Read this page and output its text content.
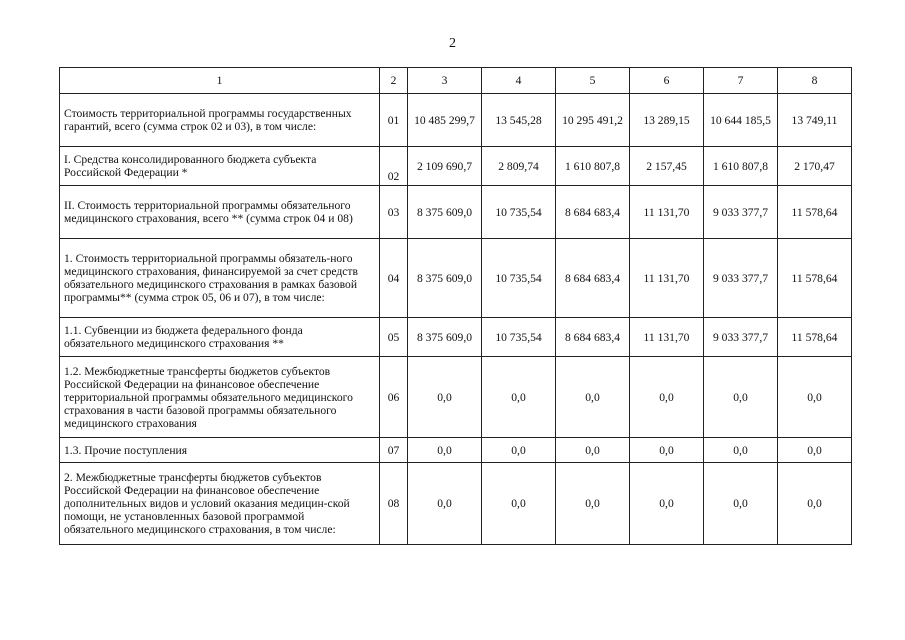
2
1	2	3	4	5	6	7	8
Стоимость территориальной программы государственных гарантий, всего (сумма строк 02 и 03), в том числе:	01	10 485 299,7	13 545,28	10 295 491,2	13 289,15	10 644 185,5	13 749,11
I. Средства консолидированного бюджета субъекта Российской Федерации *	02	2 109 690,7	2 809,74	1 610 807,8	2 157,45	1 610 807,8	2 170,47
II. Стоимость территориальной программы обязательного медицинского страхования, всего ** (сумма строк 04 и 08)	03	8 375 609,0	10 735,54	8 684 683,4	11 131,70	9 033 377,7	11 578,64
1. Стоимость территориальной программы обязатель-ного медицинского страхования, финансируемой за счет средств обязательного медицинского страхования в рамках базовой программы** (сумма строк 05, 06 и 07), в том числе:	04	8 375 609,0	10 735,54	8 684 683,4	11 131,70	9 033 377,7	11 578,64
1.1. Субвенции из бюджета федерального фонда обязательного медицинского страхования **	05	8 375 609,0	10 735,54	8 684 683,4	11 131,70	9 033 377,7	11 578,64
1.2. Межбюджетные трансферты бюджетов субъектов Российской Федерации на финансовое обеспечение территориальной программы обязательного медицинского страхования в части базовой программы обязательного медицинского страхования	06	0,0	0,0	0,0	0,0	0,0	0,0
1.3. Прочие поступления	07	0,0	0,0	0,0	0,0	0,0	0,0
2. Межбюджетные трансферты бюджетов субъектов Российской Федерации на финансовое обеспечение дополнительных видов и условий оказания медицин-ской помощи, не установленных базовой программой обязательного медицинского страхования, в том числе:	08	0,0	0,0	0,0	0,0	0,0	0,0
